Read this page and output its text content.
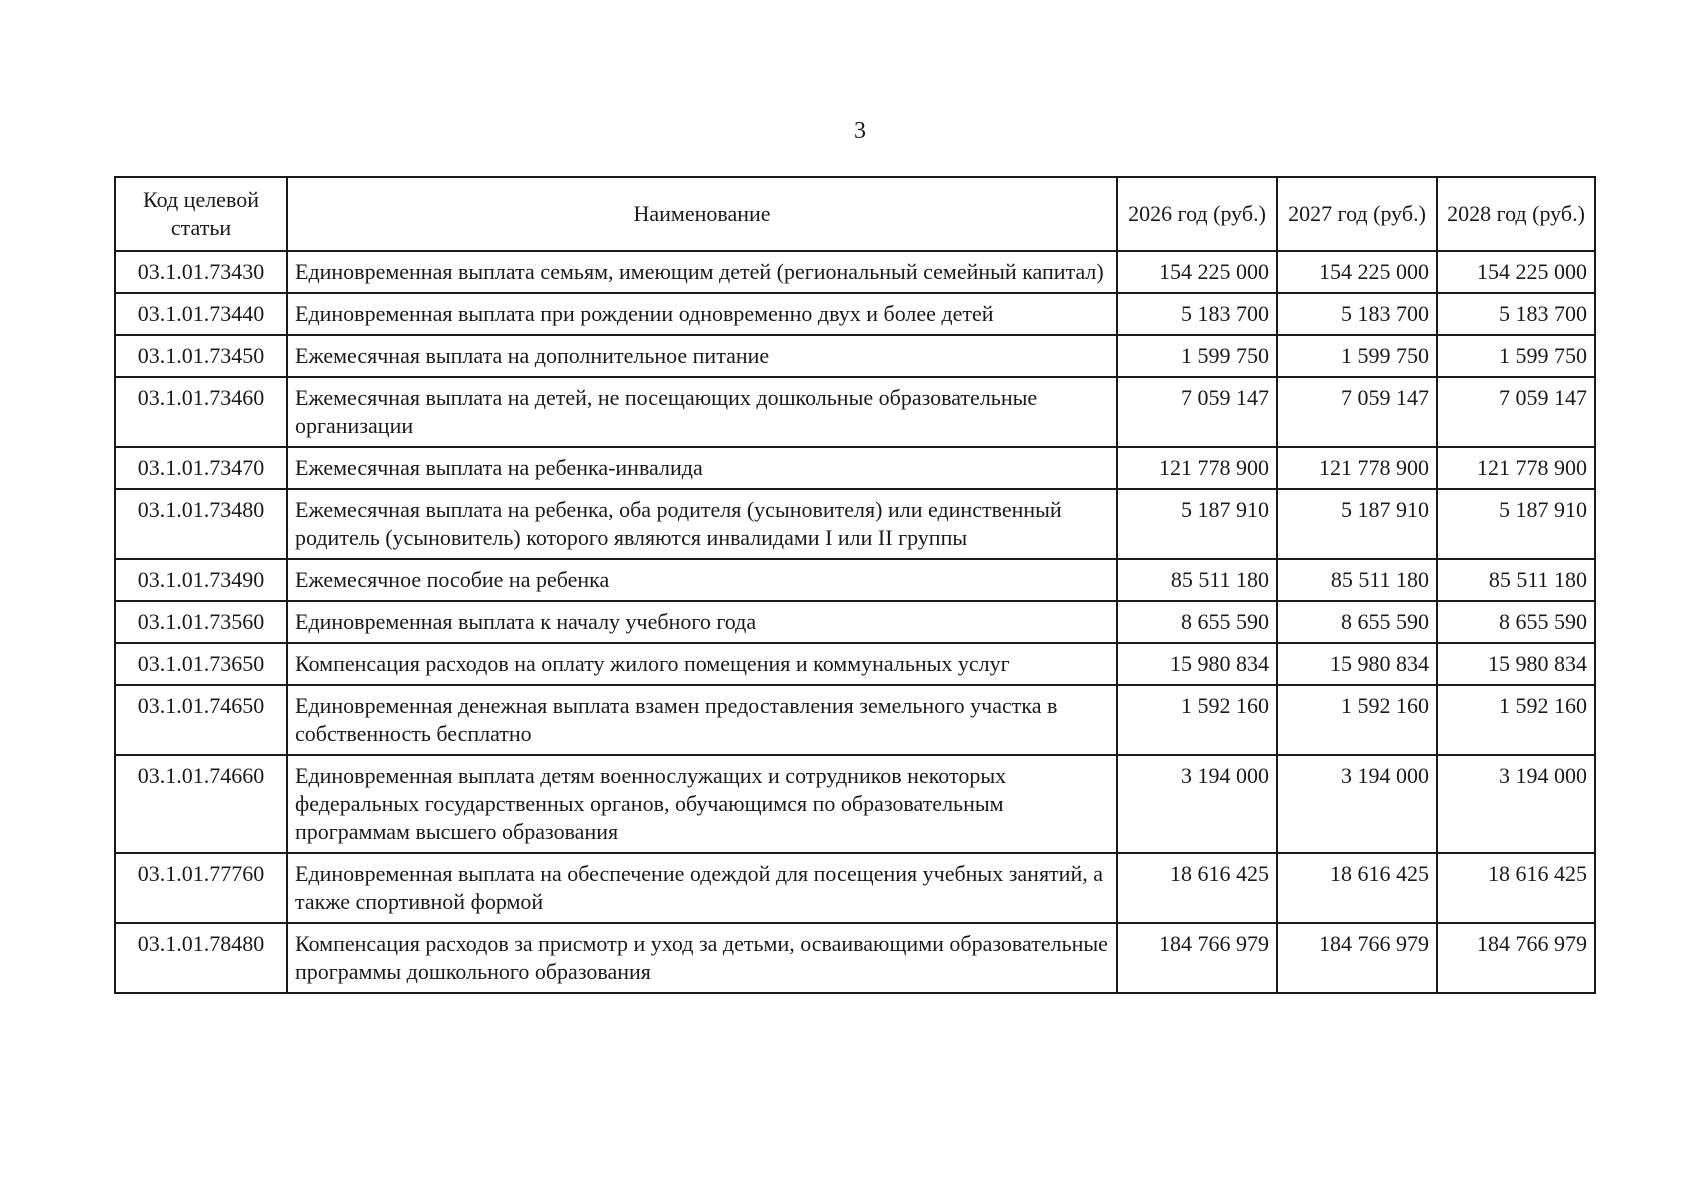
3
Код целевой статьи	Наименование	2026 год (руб.)	2027 год (руб.)	2028 год (руб.)
03.1.01.73430	Единовременная выплата семьям, имеющим детей (региональный семейный капитал)	154 225 000	154 225 000	154 225 000
03.1.01.73440	Единовременная выплата при рождении одновременно двух и более детей	5 183 700	5 183 700	5 183 700
03.1.01.73450	Ежемесячная выплата на дополнительное питание	1 599 750	1 599 750	1 599 750
03.1.01.73460	Ежемесячная выплата на детей, не посещающих дошкольные образовательные организации	7 059 147	7 059 147	7 059 147
03.1.01.73470	Ежемесячная выплата на ребенка-инвалида	121 778 900	121 778 900	121 778 900
03.1.01.73480	Ежемесячная выплата на ребенка, оба родителя (усыновителя) или единственный родитель (усыновитель) которого являются инвалидами I или II группы	5 187 910	5 187 910	5 187 910
03.1.01.73490	Ежемесячное пособие на ребенка	85 511 180	85 511 180	85 511 180
03.1.01.73560	Единовременная выплата к началу учебного года	8 655 590	8 655 590	8 655 590
03.1.01.73650	Компенсация расходов на оплату жилого помещения и коммунальных услуг	15 980 834	15 980 834	15 980 834
03.1.01.74650	Единовременная денежная выплата взамен предоставления земельного участка в собственность бесплатно	1 592 160	1 592 160	1 592 160
03.1.01.74660	Единовременная выплата детям военнослужащих и сотрудников некоторых федеральных государственных органов, обучающимся по образовательным программам высшего образования	3 194 000	3 194 000	3 194 000
03.1.01.77760	Единовременная выплата на обеспечение одеждой для посещения учебных занятий, а также спортивной формой	18 616 425	18 616 425	18 616 425
03.1.01.78480	Компенсация расходов за присмотр и уход за детьми, осваивающими образовательные программы дошкольного образования	184 766 979	184 766 979	184 766 979
